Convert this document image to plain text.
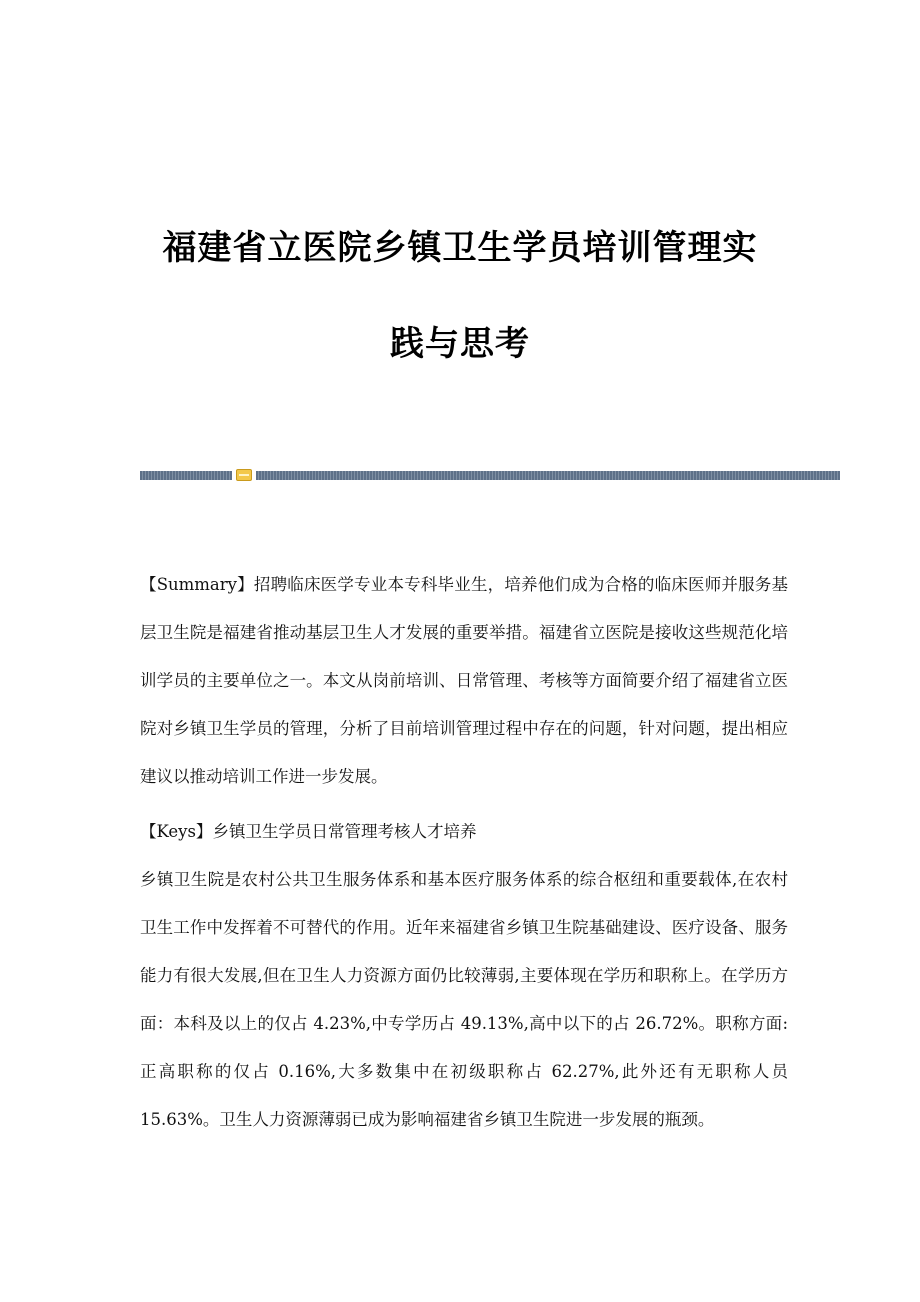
福建省立医院乡镇卫生学员培训管理实
践与思考

【Summary】招聘临床医学专业本专科毕业生，培养他们成为合格的临床医师并服务基层卫生院是福建省推动基层卫生人才发展的重要举措。福建省立医院是接收这些规范化培训学员的主要单位之一。本文从岗前培训、日常管理、考核等方面简要介绍了福建省立医院对乡镇卫生学员的管理，分析了目前培训管理过程中存在的问题，针对问题，提出相应建议以推动培训工作进一步发展。

【Keys】乡镇卫生学员日常管理考核人才培养

乡镇卫生院是农村公共卫生服务体系和基本医疗服务体系的综合枢纽和重要载体,在农村卫生工作中发挥着不可替代的作用。近年来福建省乡镇卫生院基础建设、医疗设备、服务能力有很大发展,但在卫生人力资源方面仍比较薄弱,主要体现在学历和职称上。在学历方面：本科及以上的仅占 4.23%,中专学历占 49.13%,高中以下的占 26.72%。职称方面:正高职称的仅占 0.16%,大多数集中在初级职称占 62.27%,此外还有无职称人员 15.63%。卫生人力资源薄弱已成为影响福建省乡镇卫生院进一步发展的瓶颈。
